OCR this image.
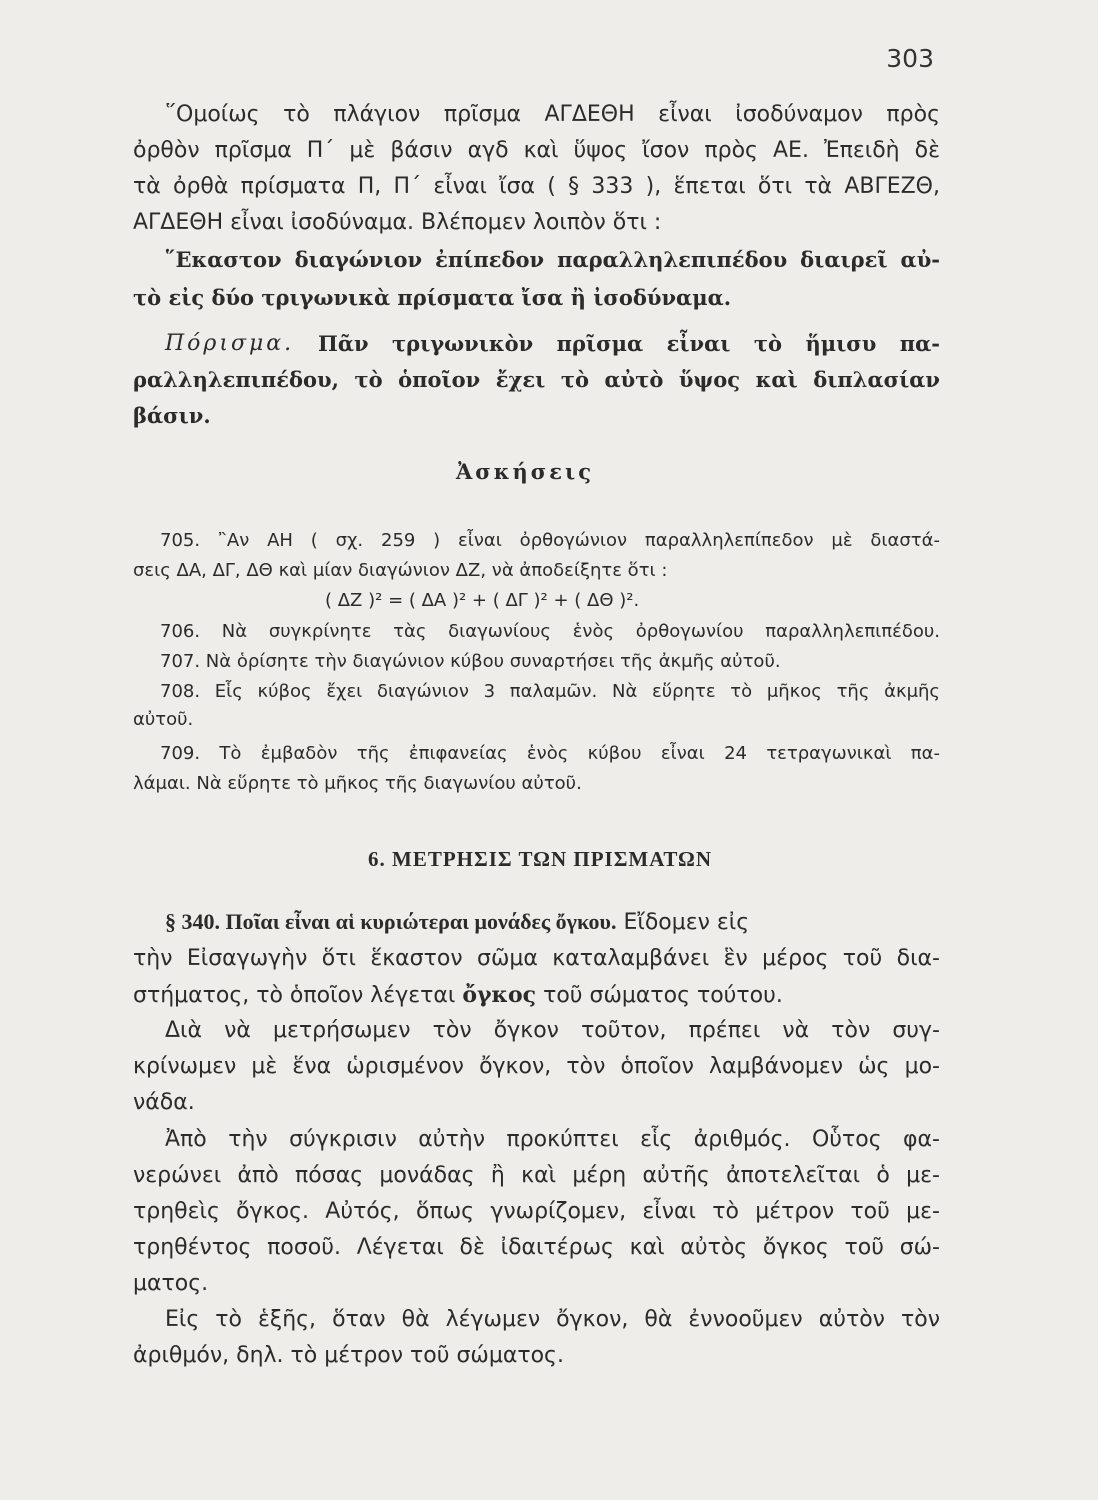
303
῞Ομοίως τὸ πλάγιον πρῖσμα ΑΓΔΕΘΗ εἶναι ἰσοδύναμον πρὸς
ὀρθὸν πρῖσμα Π΄ μὲ βάσιν αγδ καὶ ὕψος ἴσον πρὸς ΑΕ. Ἐπειδὴ δὲ
τὰ ὀρθὰ πρίσματα Π, Π΄ εἶναι ἴσα ( § 333 ), ἕπεται ὅτι τὰ ΑΒΓΕΖΘ,
ΑΓΔΕΘΗ εἶναι ἰσοδύναμα. Βλέπομεν λοιπὸν ὅτι :
῞Εκαστον διαγώνιον ἐπίπεδον παραλληλεπιπέδου διαιρεῖ αὐ-
τὸ εἰς δύο τριγωνικὰ πρίσματα ἴσα ἢ ἰσοδύναμα.
Πόρισμα. Πᾶν τριγωνικὸν πρῖσμα εἶναι τὸ ἥμισυ πα-
ραλληλεπιπέδου, τὸ ὁποῖον ἔχει τὸ αὐτὸ ὕψος καὶ διπλασίαν
βάσιν.
Ἀσκήσεις
705. ῍Αν ΑΗ ( σχ. 259 ) εἶναι ὀρθογώνιον παραλληλεπίπεδον μὲ διαστά-
σεις ΔΑ, ΔΓ, ΔΘ καὶ μίαν διαγώνιον ΔΖ, νὰ ἀποδείξητε ὅτι :
( ΔΖ )² = ( ΔΑ )² + ( ΔΓ )² + ( ΔΘ )².
706. Νὰ συγκρίνητε τὰς διαγωνίους ἑνὸς ὀρθογωνίου παραλληλεπιπέδου.
707. Νὰ ὁρίσητε τὴν διαγώνιον κύβου συναρτήσει τῆς ἀκμῆς αὐτοῦ.
708. Εἷς κύβος ἔχει διαγώνιον 3 παλαμῶν. Νὰ εὕρητε τὸ μῆκος τῆς ἀκμῆς
αὐτοῦ.
709. Τὸ ἐμβαδὸν τῆς ἐπιφανείας ἑνὸς κύβου εἶναι 24 τετραγωνικαὶ πα-
λάμαι. Νὰ εὕρητε τὸ μῆκος τῆς διαγωνίου αὐτοῦ.
6. ΜΕΤΡΗΣΙΣ ΤΩΝ ΠΡΙΣΜΑΤΩΝ
§ 340. Ποῖαι εἶναι αἱ κυριώτεραι μονάδες ὄγκου. Εἴδομεν εἰς
τὴν Εἰσαγωγὴν ὅτι ἕκαστον σῶμα καταλαμβάνει ἓν μέρος τοῦ δια-
στήματος, τὸ ὁποῖον λέγεται ὄγκος τοῦ σώματος τούτου.
Διὰ νὰ μετρήσωμεν τὸν ὄγκον τοῦτον, πρέπει νὰ τὸν συγ-
κρίνωμεν μὲ ἕνα ὡρισμένον ὄγκον, τὸν ὁποῖον λαμβάνομεν ὡς μο-
νάδα.
Ἀπὸ τὴν σύγκρισιν αὐτὴν προκύπτει εἷς ἀριθμός. Οὗτος φα-
νερώνει ἀπὸ πόσας μονάδας ἢ καὶ μέρη αὐτῆς ἀποτελεῖται ὁ με-
τρηθεὶς ὄγκος. Αὐτός, ὅπως γνωρίζομεν, εἶναι τὸ μέτρον τοῦ με-
τρηθέντος ποσοῦ. Λέγεται δὲ ἰδαιτέρως καὶ αὐτὸς ὄγκος τοῦ σώ-
ματος.
Εἰς τὸ ἑξῆς, ὅταν θὰ λέγωμεν ὄγκον, θὰ ἐννοοῦμεν αὐτὸν τὸν
ἀριθμόν, δηλ. τὸ μέτρον τοῦ σώματος.
